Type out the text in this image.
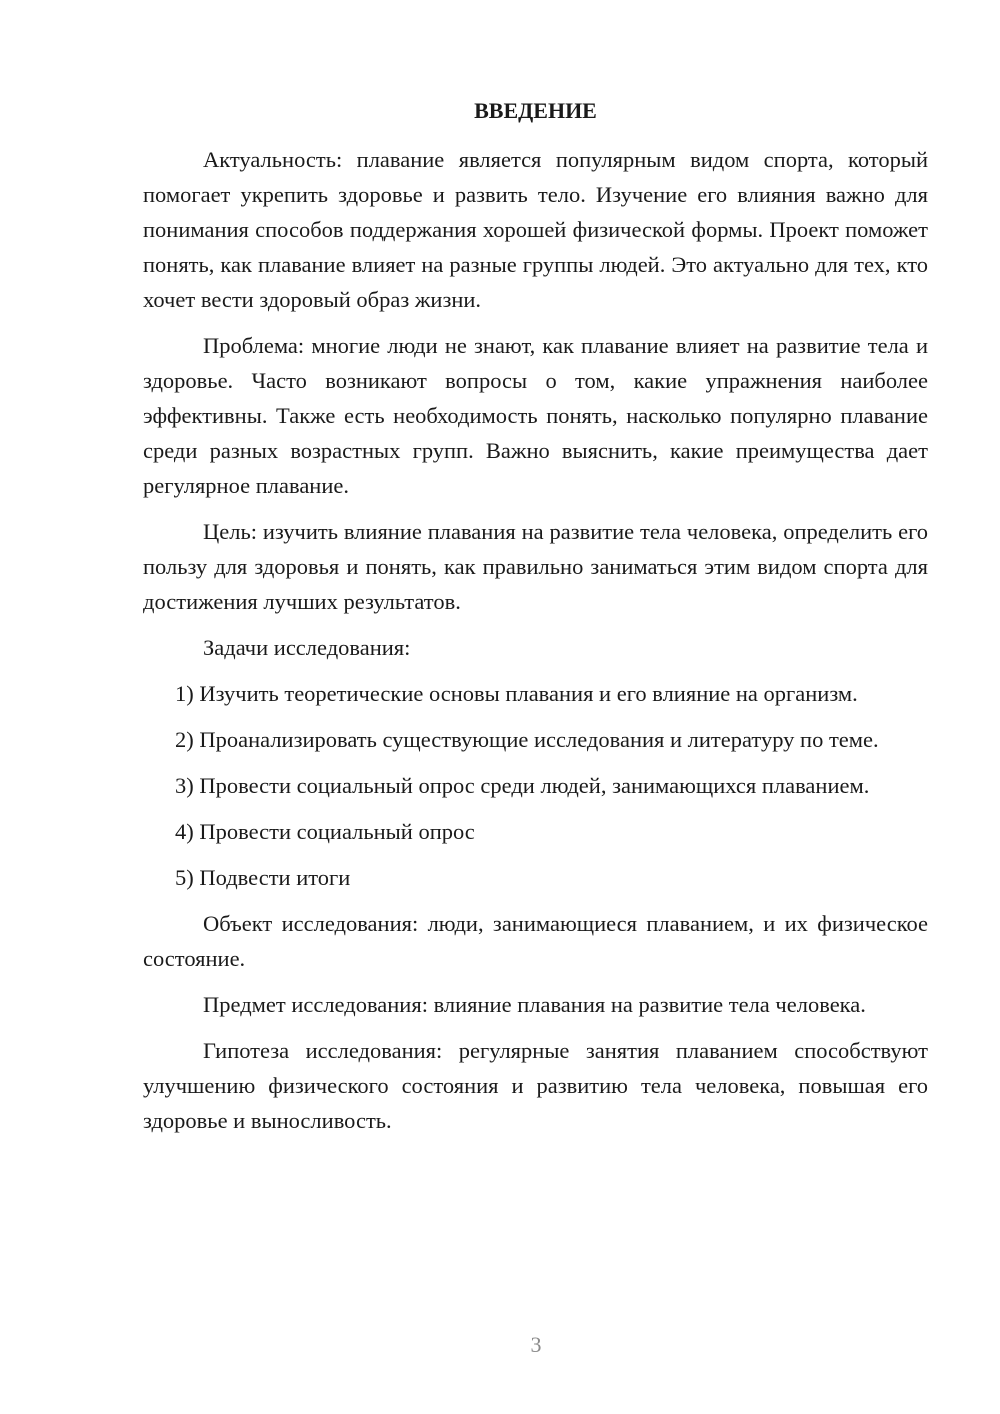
ВВЕДЕНИЕ

Актуальность: плавание является популярным видом спорта, который помогает укрепить здоровье и развить тело. Изучение его влияния важно для понимания способов поддержания хорошей физической формы. Проект поможет понять, как плавание влияет на разные группы людей. Это актуально для тех, кто хочет вести здоровый образ жизни.

Проблема: многие люди не знают, как плавание влияет на развитие тела и здоровье. Часто возникают вопросы о том, какие упражнения наиболее эффективны. Также есть необходимость понять, насколько популярно плавание среди разных возрастных групп. Важно выяснить, какие преимущества дает регулярное плавание.

Цель: изучить влияние плавания на развитие тела человека, определить его пользу для здоровья и понять, как правильно заниматься этим видом спорта для достижения лучших результатов.

Задачи исследования:

1) Изучить теоретические основы плавания и его влияние на организм.

2) Проанализировать существующие исследования и литературу по теме.

3) Провести социальный опрос среди людей, занимающихся плаванием.

4) Провести социальный опрос

5) Подвести итоги

Объект исследования: люди, занимающиеся плаванием, и их физическое состояние.

Предмет исследования: влияние плавания на развитие тела человека.

Гипотеза исследования: регулярные занятия плаванием способствуют улучшению физического состояния и развитию тела человека, повышая его здоровье и выносливость.

3
